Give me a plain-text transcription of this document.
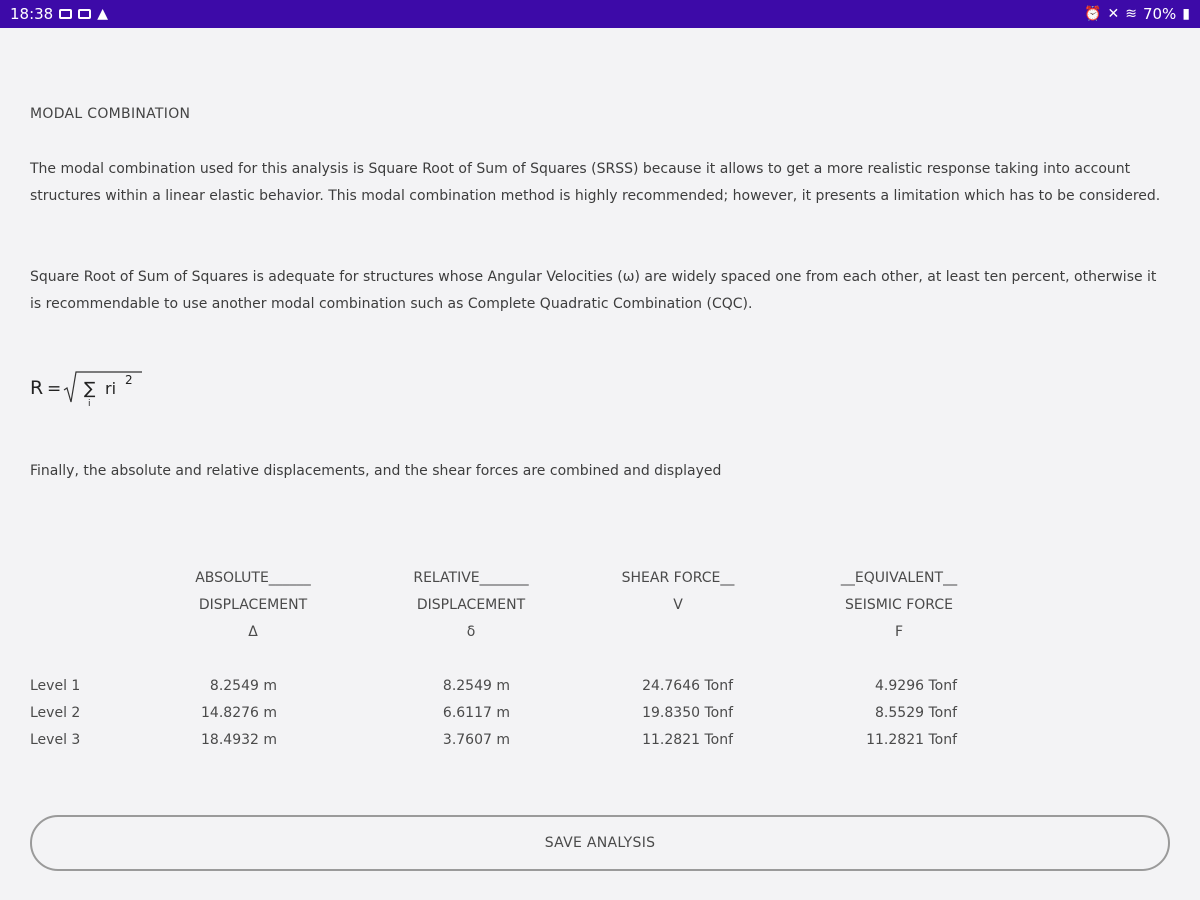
18:38	▲	⏰ ✕ ≋ 70% ▮
MODAL COMBINATION
The modal combination used for this analysis is Square Root of Sum of Squares (SRSS) because it allows to get a more realistic response taking into account structures within a linear elastic behavior. This modal combination method is highly recommended; however, it presents a limitation which has to be considered.
Square Root of Sum of Squares is adequate for structures whose Angular Velocities (ω) are widely spaced one from each other, at least ten percent, otherwise it is recommendable to use another modal combination such as Complete Quadratic Combination (CQC).
R = ∑
i
ri 2
Finally, the absolute and relative displacements, and the shear forces are combined and displayed
ABSOLUTE______
DISPLACEMENT
Δ
RELATIVE_______
DISPLACEMENT
δ
SHEAR FORCE__
V
__EQUIVALENT__
SEISMIC FORCE
F
Level 1	8.2549 m	8.2549 m	24.7646 Tonf	4.9296 Tonf
Level 2	14.8276 m	6.6117 m	19.8350 Tonf	8.5529 Tonf
Level 3	18.4932 m	3.7607 m	11.2821 Tonf	11.2821 Tonf
SAVE ANALYSIS
